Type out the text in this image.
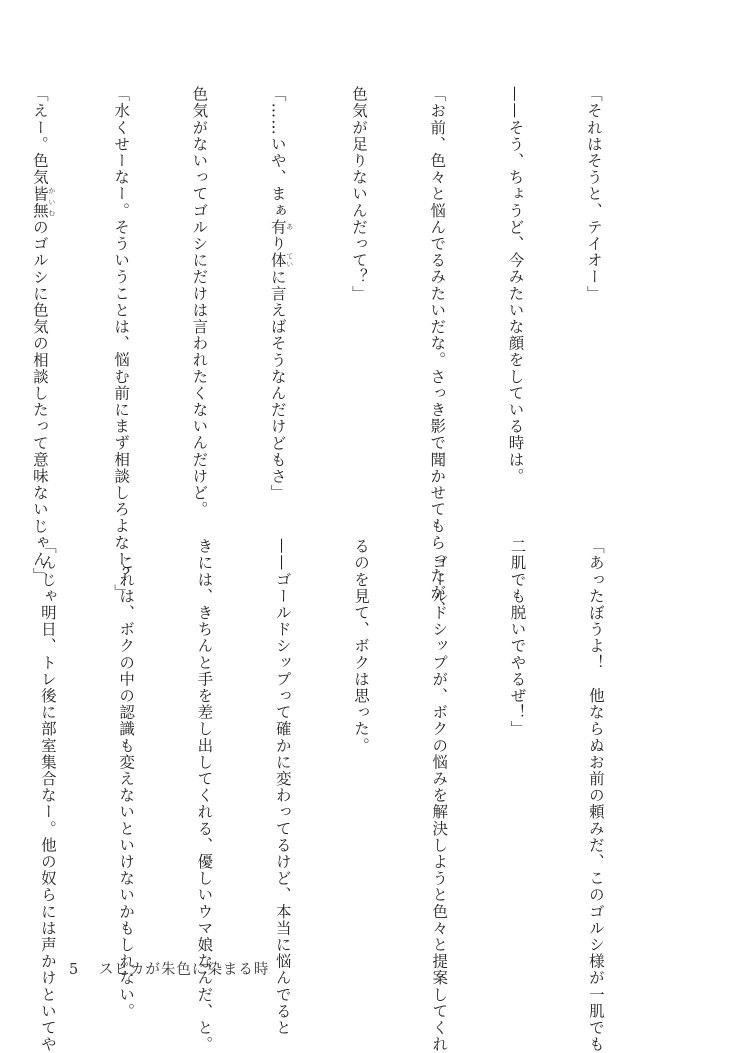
「それはそうと、テイオー」

——そう、ちょうど、今みたいな顔をしている時は。

「お前、色々と悩んでるみたいだな。さっき影で聞かせてもらったが、

色気が足りないんだって？」

「……いや、まぁ有 あり体 ていに言えばそうなんだけどもさ」

色気がないってゴルシにだけは言われたくないんだけど。

「水くせーなー。そういうことは、悩む前にまず相談しろよなー？」

「えー。色気皆無 かいむのゴルシに色気の相談したって意味ないじゃん」

「あったぼうよ！　他ならぬお前の頼みだ、このゴルシ様が一肌でも

二肌でも脱いでやるぜ！」

　ゴールドシップが、ボクの悩みを解決しようと色々と提案してくれ

るのを見て、ボクは思った。

——ゴールドシップって確かに変わってるけど、本当に悩んでると

きには、きちんと手を差し出してくれる、優しいウマ娘なんだ、と。

　これは、ボクの中の認識も変えないといけないかもしれない。

「んじゃ明日、トレ後に部室集合なー。他の奴らには声かけといてや

5 スピカが朱色に染まる時
